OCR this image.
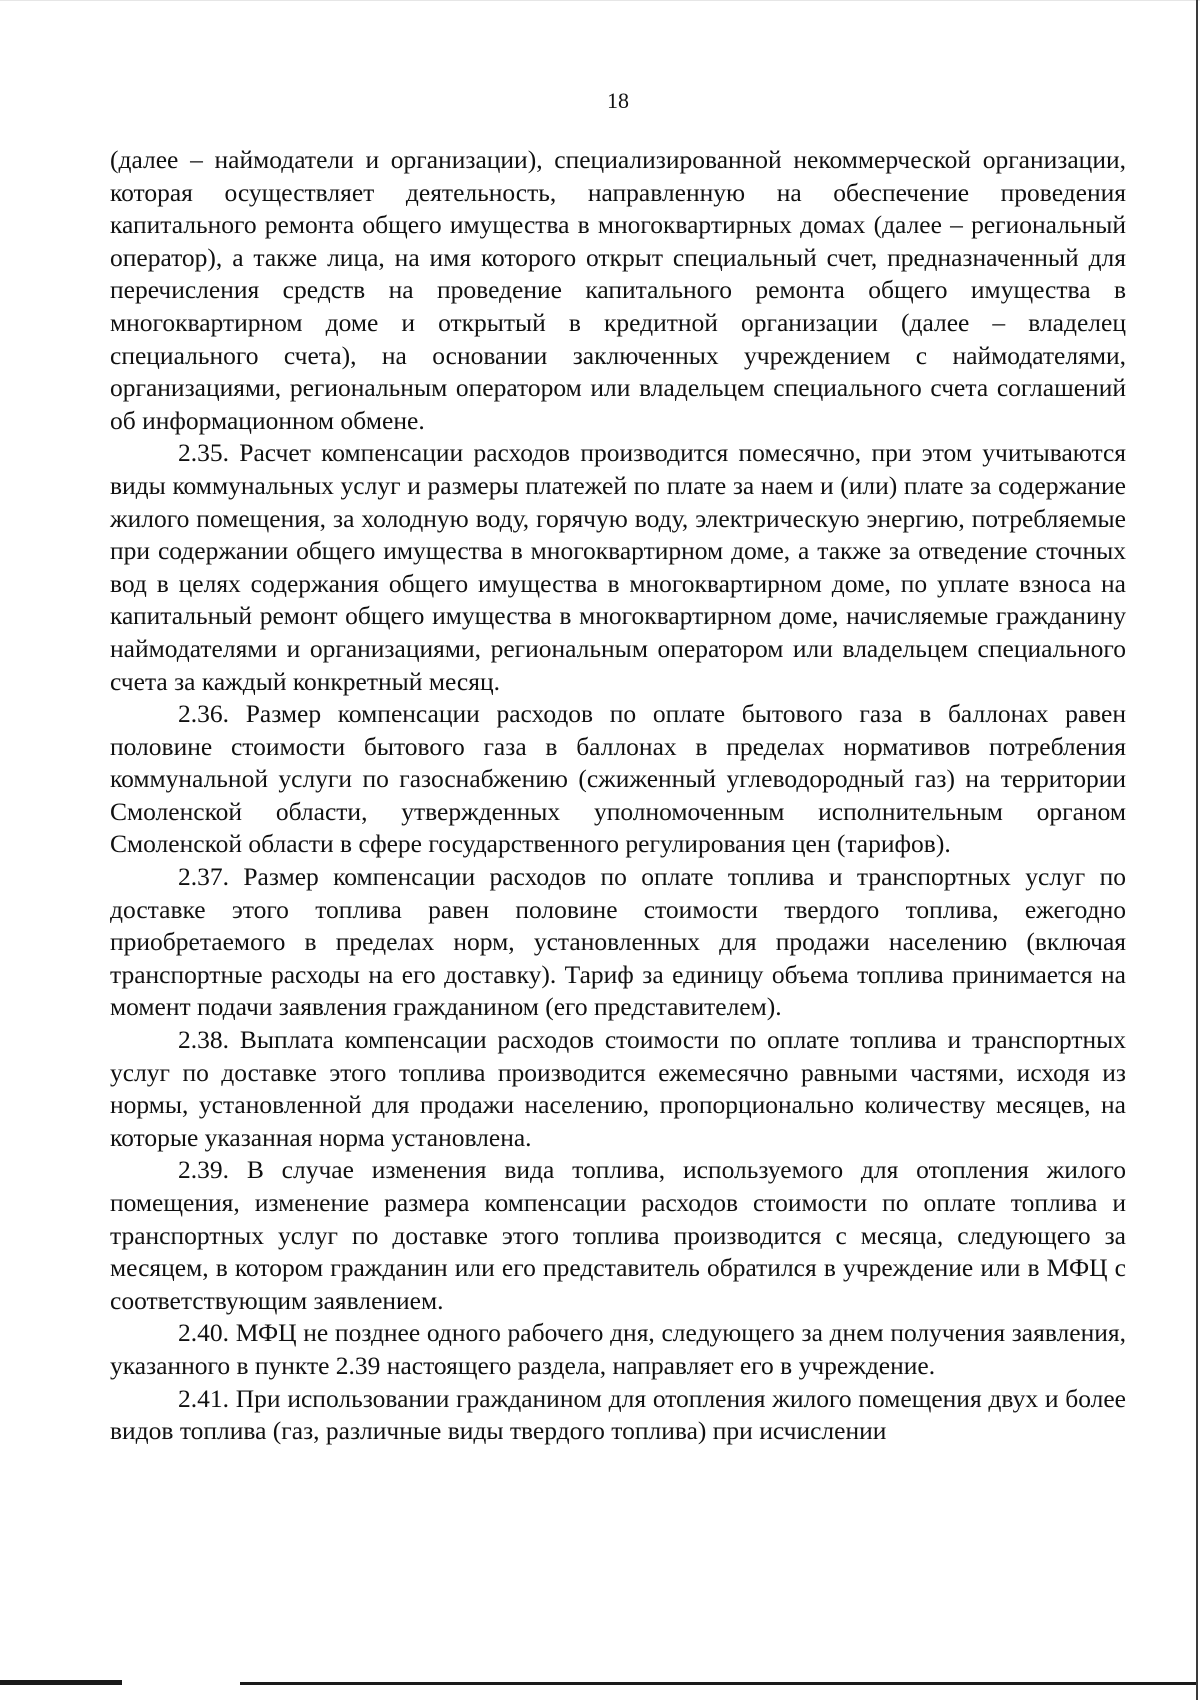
18

(далее – наймодатели и организации), специализированной некоммерческой организации, которая осуществляет деятельность, направленную на обеспечение проведения капитального ремонта общего имущества в многоквартирных домах (далее – региональный оператор), а также лица, на имя которого открыт специальный счет, предназначенный для перечисления средств на проведение капитального ремонта общего имущества в многоквартирном доме и открытый в кредитной организации (далее – владелец специального счета), на основании заключенных учреждением с наймодателями, организациями, региональным оператором или владельцем специального счета соглашений об информационном обмене.

2.35. Расчет компенсации расходов производится помесячно, при этом учитываются виды коммунальных услуг и размеры платежей по плате за наем и (или) плате за содержание жилого помещения, за холодную воду, горячую воду, электрическую энергию, потребляемые при содержании общего имущества в многоквартирном доме, а также за отведение сточных вод в целях содержания общего имущества в многоквартирном доме, по уплате взноса на капитальный ремонт общего имущества в многоквартирном доме, начисляемые гражданину наймодателями и организациями, региональным оператором или владельцем специального счета за каждый конкретный месяц.

2.36. Размер компенсации расходов по оплате бытового газа в баллонах равен половине стоимости бытового газа в баллонах в пределах нормативов потребления коммунальной услуги по газоснабжению (сжиженный углеводородный газ) на территории Смоленской области, утвержденных уполномоченным исполнительным органом Смоленской области в сфере государственного регулирования цен (тарифов).

2.37. Размер компенсации расходов по оплате топлива и транспортных услуг по доставке этого топлива равен половине стоимости твердого топлива, ежегодно приобретаемого в пределах норм, установленных для продажи населению (включая транспортные расходы на его доставку). Тариф за единицу объема топлива принимается на момент подачи заявления гражданином (его представителем).

2.38. Выплата компенсации расходов стоимости по оплате топлива и транспортных услуг по доставке этого топлива производится ежемесячно равными частями, исходя из нормы, установленной для продажи населению, пропорционально количеству месяцев, на которые указанная норма установлена.

2.39. В случае изменения вида топлива, используемого для отопления жилого помещения, изменение размера компенсации расходов стоимости по оплате топлива и транспортных услуг по доставке этого топлива производится с месяца, следующего за месяцем, в котором гражданин или его представитель обратился в учреждение или в МФЦ с соответствующим заявлением.

2.40. МФЦ не позднее одного рабочего дня, следующего за днем получения заявления, указанного в пункте 2.39 настоящего раздела, направляет его в учреждение.

2.41. При использовании гражданином для отопления жилого помещения двух и более видов топлива (газ, различные виды твердого топлива) при исчислении
